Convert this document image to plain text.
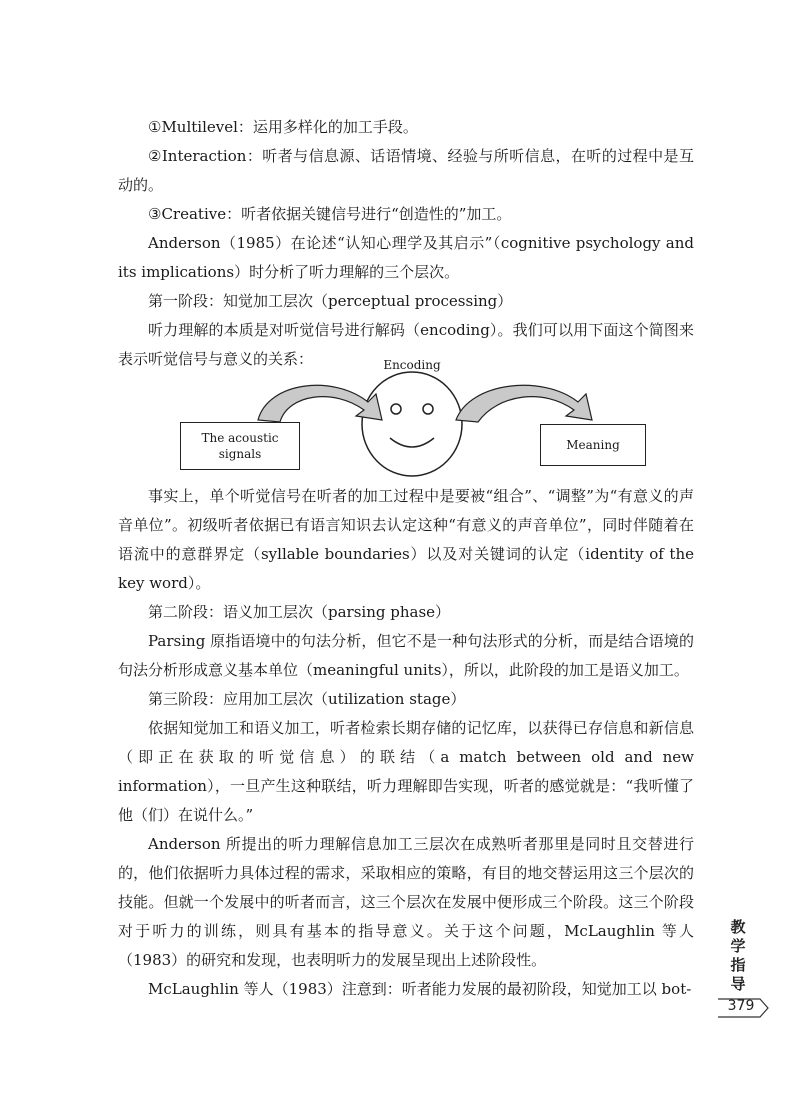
①Multilevel：运用多样化的加工手段。

②Interaction：听者与信息源、话语情境、经验与所听信息，在听的过程中是互动的。

③Creative：听者依据关键信号进行“创造性的”加工。

Anderson（1985）在论述“认知心理学及其启示”（cognitive psychology and its implications）时分析了听力理解的三个层次。

第一阶段：知觉加工层次（perceptual processing）

听力理解的本质是对听觉信号进行解码（encoding）。我们可以用下面这个简图来表示听觉信号与意义的关系：	Encoding
The acoustic signals
Meaning

事实上，单个听觉信号在听者的加工过程中是要被“组合”、“调整”为“有意义的声音单位”。初级听者依据已有语言知识去认定这种“有意义的声音单位”，同时伴随着在语流中的意群界定（syllable boundaries）以及对关键词的认定（identity of the key word）。

第二阶段：语义加工层次（parsing phase）

Parsing 原指语境中的句法分析，但它不是一种句法形式的分析，而是结合语境的句法分析形成意义基本单位（meaningful units），所以，此阶段的加工是语义加工。

第三阶段：应用加工层次（utilization stage）

依据知觉加工和语义加工，听者检索长期存储的记忆库，以获得已存信息和新信息（即正在获取的听觉信息）的联结（a match between old and new information），一旦产生这种联结，听力理解即告实现，听者的感觉就是：“我听懂了他（们）在说什么。”

Anderson 所提出的听力理解信息加工三层次在成熟听者那里是同时且交替进行的，他们依据听力具体过程的需求，采取相应的策略，有目的地交替运用这三个层次的技能。但就一个发展中的听者而言，这三个层次在发展中便形成三个阶段。这三个阶段对于听力的训练，则具有基本的指导意义。关于这个问题，McLaughlin 等人（1983）的研究和发现，也表明听力的发展呈现出上述阶段性。

McLaughlin 等人（1983）注意到：听者能力发展的最初阶段，知觉加工以 bot-

教
学
指
导
379
